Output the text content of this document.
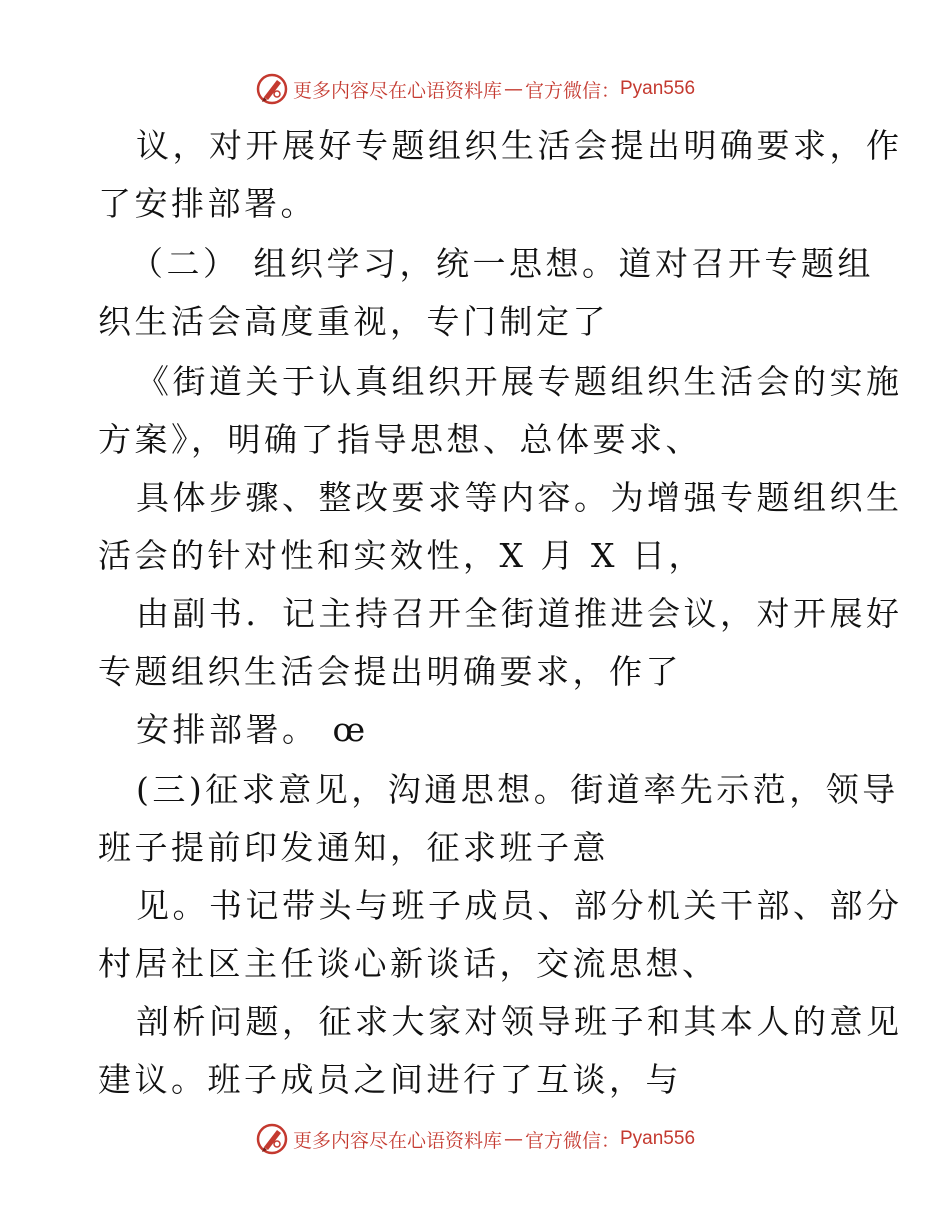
更多内容尽在心语资料库 — 官方微信： Pyan556
议，对开展好专题组织生活会提出明确要求，作
了安排部署。
（二） 组织学习，统一思想。道对召开专题组
织生活会高度重视，专门制定了
《街道关于认真组织开展专题组织生活会的实施
方案》，明确了指导思想、总体要求、
具体步骤、整改要求等内容。为增强专题组织生
活会的针对性和实效性，X 月 X 日，
由副书．记主持召开全街道推进会议，对开展好
专题组织生活会提出明确要求，作了
安排部署。 œ
(三)征求意见，沟通思想。街道率先示范，领导
班子提前印发通知，征求班子意
见。书记带头与班子成员、部分机关干部、部分
村居社区主任谈心新谈话，交流思想、
剖析问题，征求大家对领导班子和其本人的意见
建议。班子成员之间进行了互谈，与
更多内容尽在心语资料库 — 官方微信： Pyan556
